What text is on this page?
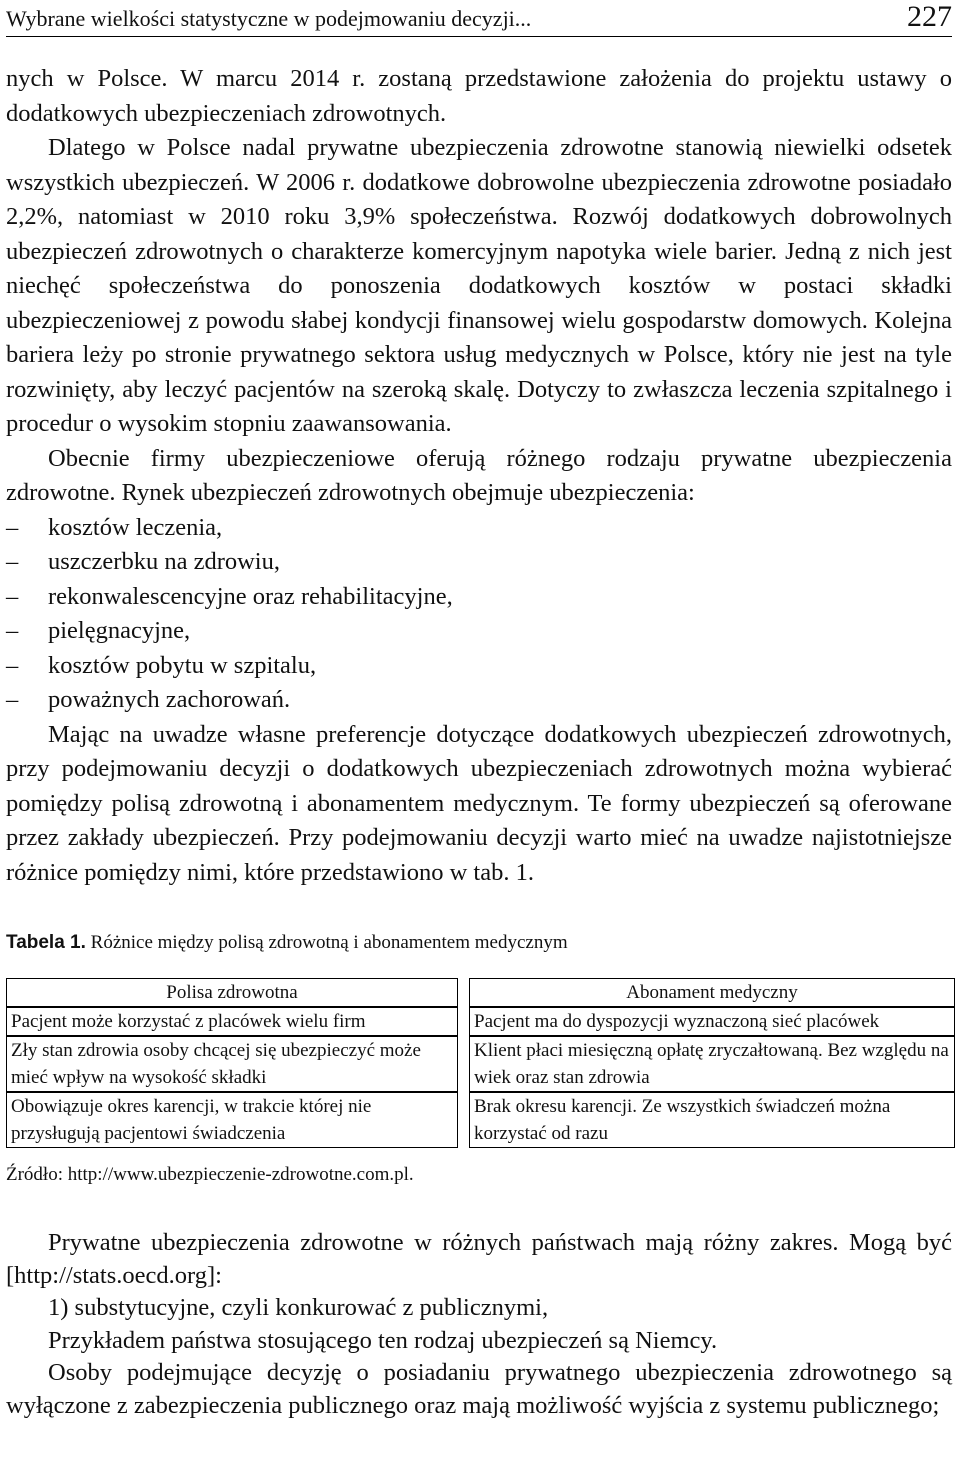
Wybrane wielkości statystyczne w podejmowaniu decyzji...	227

nych w Polsce. W marcu 2014 r. zostaną przedstawione założenia do projektu ustawy o dodatkowych ubezpieczeniach zdrowotnych.

Dlatego w Polsce nadal prywatne ubezpieczenia zdrowotne stanowią niewielki odsetek wszystkich ubezpieczeń. W 2006 r. dodatkowe dobrowolne ubezpieczenia zdrowotne posiadało 2,2%, natomiast w 2010 roku 3,9% społeczeństwa. Rozwój dodatkowych dobrowolnych ubezpieczeń zdrowotnych o charakterze komercyjnym napotyka wiele barier. Jedną z nich jest niechęć społeczeństwa do ponoszenia dodatkowych kosztów w postaci składki ubezpieczeniowej z powodu słabej kondycji finansowej wielu gospodarstw domowych. Kolejna bariera leży po stronie prywatnego sektora usług medycznych w Polsce, który nie jest na tyle rozwinięty, aby leczyć pacjentów na szeroką skalę. Dotyczy to zwłaszcza leczenia szpitalnego i procedur o wysokim stopniu zaawansowania.

Obecnie firmy ubezpieczeniowe oferują różnego rodzaju prywatne ubezpieczenia zdrowotne. Rynek ubezpieczeń zdrowotnych obejmuje ubezpieczenia:

–	kosztów leczenia,
–	uszczerbku na zdrowiu,
–	rekonwalescencyjne oraz rehabilitacyjne,
–	pielęgnacyjne,
–	kosztów pobytu w szpitalu,
–	poważnych zachorowań.

Mając na uwadze własne preferencje dotyczące dodatkowych ubezpieczeń zdrowotnych, przy podejmowaniu decyzji o dodatkowych ubezpieczeniach zdrowotnych można wybierać pomiędzy polisą zdrowotną i abonamentem medycznym. Te formy ubezpieczeń są oferowane przez zakłady ubezpieczeń. Przy podejmowaniu decyzji warto mieć na uwadze najistotniejsze różnice pomiędzy nimi, które przedstawiono w tab. 1.

Tabela 1. Różnice między polisą zdrowotną i abonamentem medycznym

Polisa zdrowotna		Abonament medyczny
Pacjent może korzystać z placówek wielu firm		Pacjent ma do dyspozycji wyznaczoną sieć placówek
Zły stan zdrowia osoby chcącej się ubezpieczyć może mieć wpływ na wysokość składki		Klient płaci miesięczną opłatę zryczałtowaną. Bez względu na wiek oraz stan zdrowia
Obowiązuje okres karencji, w trakcie której nie przysługują pacjentowi świadczenia		Brak okresu karencji. Ze wszystkich świadczeń można korzystać od razu
Źródło: http://www.ubezpieczenie-zdrowotne.com.pl.

Prywatne ubezpieczenia zdrowotne w różnych państwach mają różny zakres. Mogą być [http://stats.oecd.org]:

1) substytucyjne, czyli konkurować z publicznymi,

Przykładem państwa stosującego ten rodzaj ubezpieczeń są Niemcy.

Osoby podejmujące decyzję o posiadaniu prywatnego ubezpieczenia zdrowotnego są wyłączone z zabezpieczenia publicznego oraz mają możliwość wyjścia z systemu publicznego;
